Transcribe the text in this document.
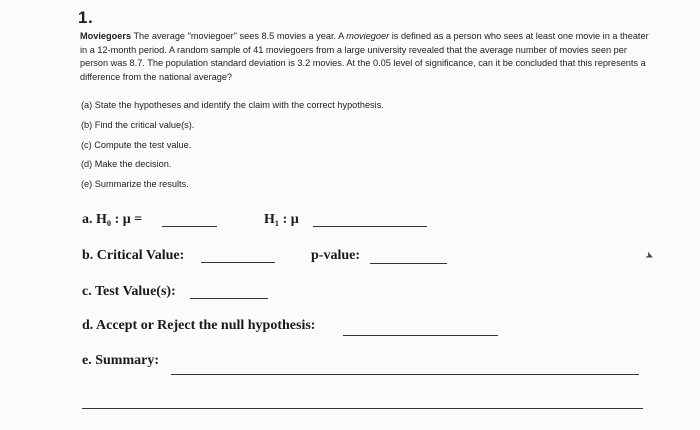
1.
Moviegoers The average "moviegoer" sees 8.5 movies a year. A moviegoer is defined as a person who sees at least one movie in a theater in a 12-month period. A random sample of 41 moviegoers from a large university revealed that the average number of movies seen per person was 8.7. The population standard deviation is 3.2 movies. At the 0.05 level of significance, can it be concluded that this represents a difference from the national average?
(a) State the hypotheses and identify the claim with the correct hypothesis.
(b) Find the critical value(s).
(c) Compute the test value.
(d) Make the decision.
(e) Summarize the results.
a. H₀ : μ =	H₁ : μ
b. Critical Value:	p-value:	➤
c. Test Value(s):
d. Accept or Reject the null hypothesis:
e. Summary:
